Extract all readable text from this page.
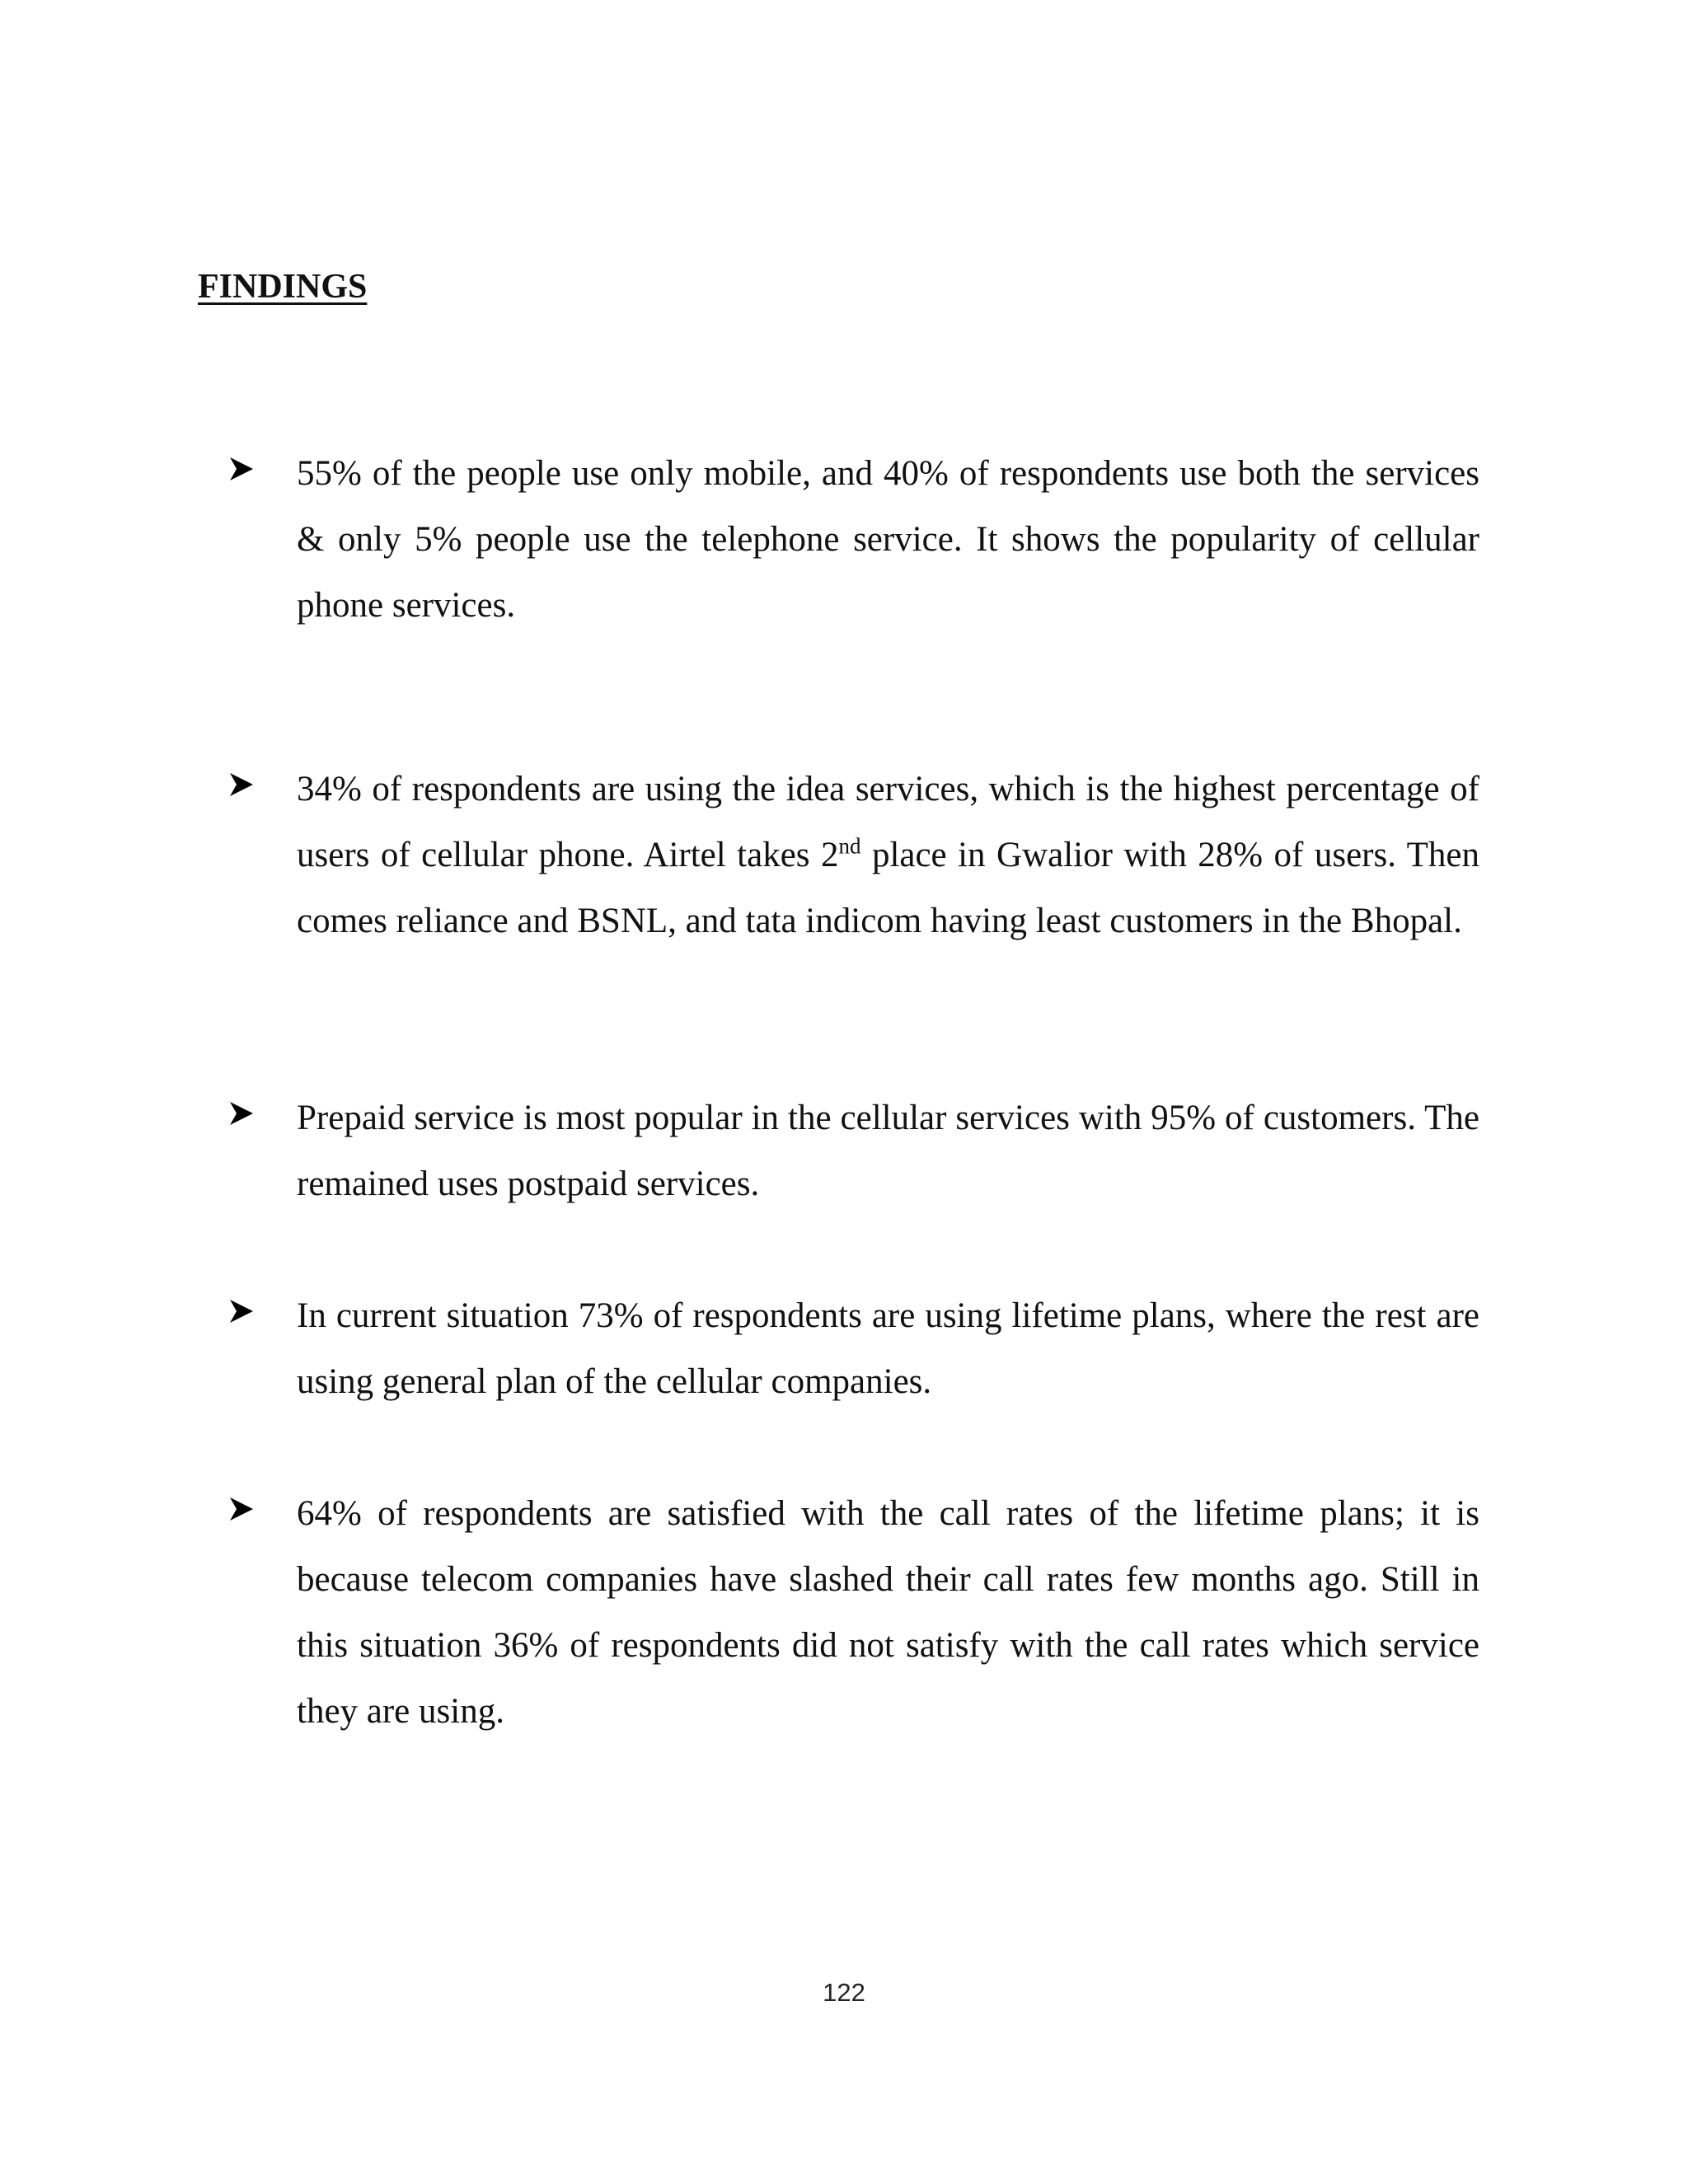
FINDINGS
55% of the people use only mobile, and 40% of respondents use both the services & only 5% people use the telephone service. It shows the popularity of cellular phone services.
34% of respondents are using the idea services, which is the highest percentage of users of cellular phone. Airtel takes 2nd place in Gwalior with 28% of users. Then comes reliance and BSNL, and tata indicom having least customers in the Bhopal.
Prepaid service is most popular in the cellular services with 95% of customers. The remained uses postpaid services.
In current situation 73% of respondents are using lifetime plans, where the rest are using general plan of the cellular companies.
64% of respondents are satisfied with the call rates of the lifetime plans; it is because telecom companies have slashed their call rates few months ago. Still in this situation 36% of respondents did not satisfy with the call rates which service they are using.
122
